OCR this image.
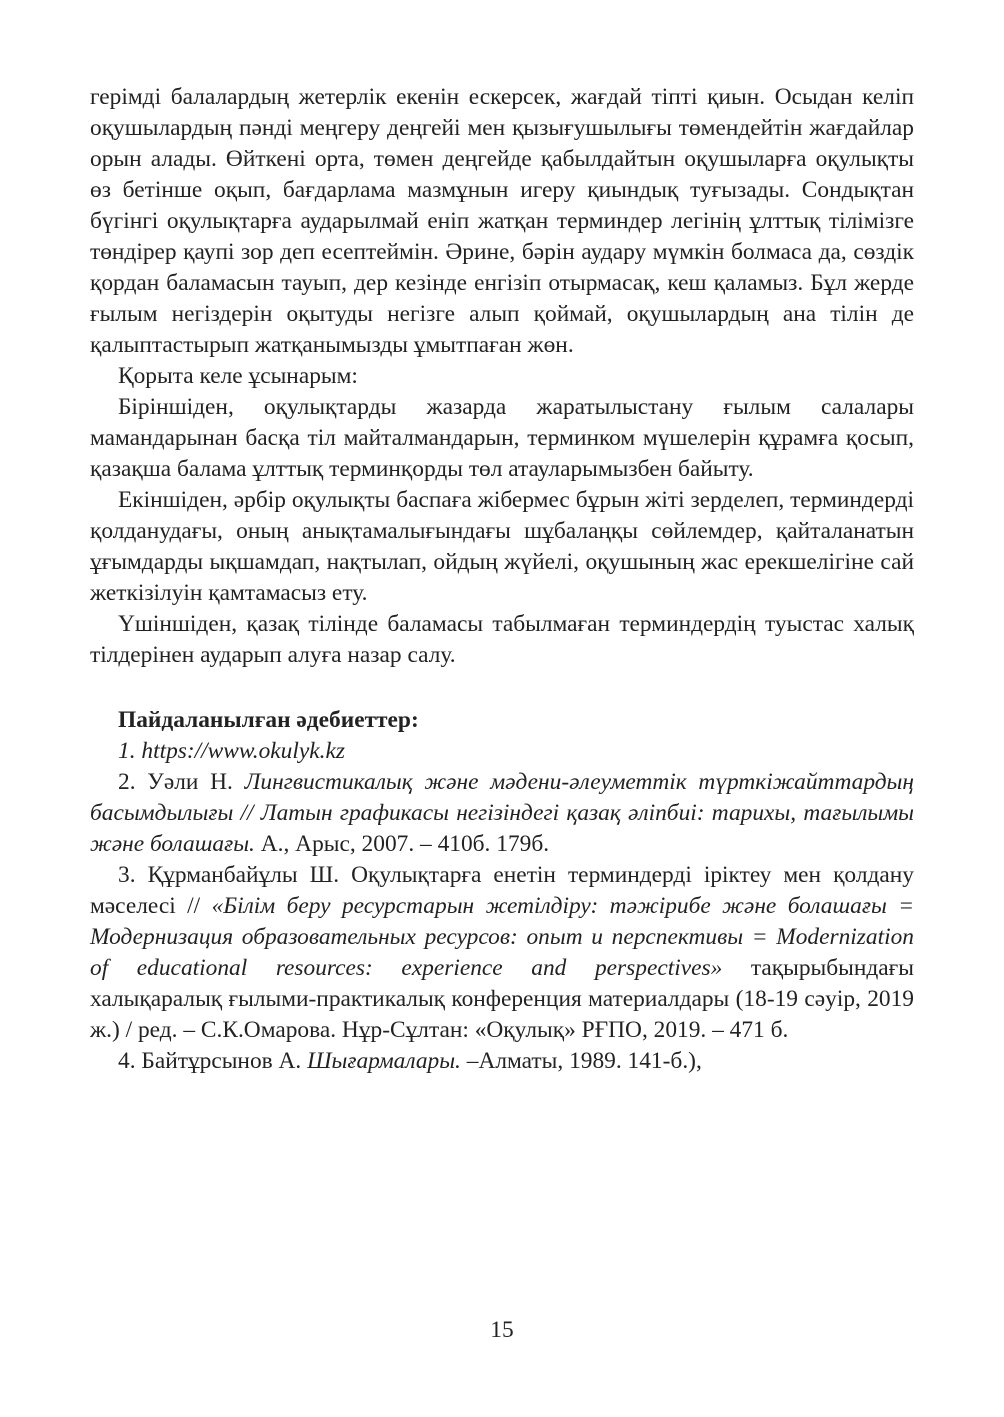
герімді балалардың жетерлік екенін ескерсек, жағдай тіпті қиын. Осыдан келіп оқушылардың пәнді меңгеру деңгейі мен қызығушылығы төмендейтін жағдайлар орын алады. Өйткені орта, төмен деңгейде қабылдайтын оқушыларға оқулықты өз бетінше оқып, бағдарлама мазмұнын игеру қиындық туғызады. Сондықтан бүгінгі оқулықтарға аударылмай еніп жатқан терминдер легінің ұлттық тілімізге төндірер қаупі зор деп есептеймін. Әрине, бәрін аудару мүмкін болмаса да, сөздік қордан баламасын тауып, дер кезінде енгізіп отырмасақ, кеш қаламыз. Бұл жерде ғылым негіздерін оқытуды негізге алып қоймай, оқушылардың ана тілін де қалыптастырып жатқанымызды ұмытпаған жөн.

Қорыта келе ұсынарым:

Біріншіден, оқулықтарды жазарда жаратылыстану ғылым салалары мамандарынан басқа тіл майталмандарын, терминком мүшелерін құрамға қосып, қазақша балама ұлттық терминқорды төл атауларымызбен байыту.

Екіншіден, әрбір оқулықты баспаға жібермес бұрын жіті зерделеп, терминдерді қолданудағы, оның анықтамалығындағы шұбалаңқы сөйлемдер, қайталанатын ұғымдарды ықшамдап, нақтылап, ойдың жүйелі, оқушының жас ерекшелігіне сай жеткізілуін қамтамасыз ету.

Үшіншіден, қазақ тілінде баламасы табылмаған терминдердің туыстас халық тілдерінен аударып алуға назар салу.

Пайдаланылған әдебиеттер:

1. https://www.okulyk.kz

2. Уәли Н. Лингвистикалық және мәдени-әлеуметтік түрткіжайттардың басымдылығы // Латын графикасы негізіндегі қазақ әліпбиі: тарихы, тағылымы және болашағы. А., Арыс, 2007. – 410б. 179б.

3. Құрманбайұлы Ш. Оқулықтарға енетін терминдерді іріктеу мен қолдану мәселесі // «Білім беру ресурстарын жетілдіру: тәжірибе және болашағы = Модернизация образовательных ресурсов: опыт и перспективы = Modernization of educational resources: experience and perspectives» тақырыбындағы халықаралық ғылыми-практикалық конференция материалдары (18-19 сәуір, 2019 ж.) / ред. – С.К.Омарова. Нұр-Сұлтан: «Оқулық» РҒПО, 2019. – 471 б.

4. Байтұрсынов А. Шығармалары. –Алматы, 1989. 141-б.),

15
